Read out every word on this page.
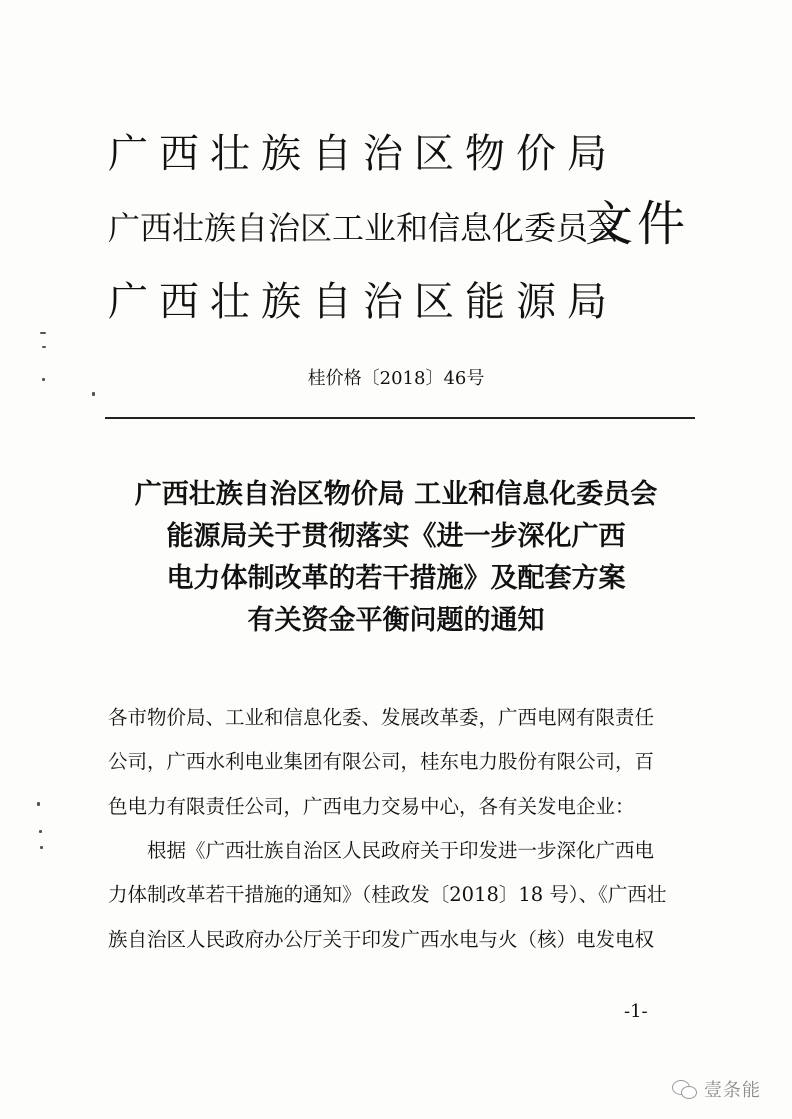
广西壮族自治区物价局
广西壮族自治区工业和信息化委员会
广西壮族自治区能源局
文件
桂价格〔2018〕46号
广西壮族自治区物价局 工业和信息化委员会
能源局关于贯彻落实《进一步深化广西
电力体制改革的若干措施》及配套方案
有关资金平衡问题的通知

各市物价局、工业和信息化委、发展改革委，广西电网有限责任
公司，广西水利电业集团有限公司，桂东电力股份有限公司，百
色电力有限责任公司，广西电力交易中心，各有关发电企业：

根据《广西壮族自治区人民政府关于印发进一步深化广西电
力体制改革若干措施的通知》（桂政发〔2018〕18 号）、《广西壮
族自治区人民政府办公厅关于印发广西水电与火（核）电发电权

-1-
壹条能
